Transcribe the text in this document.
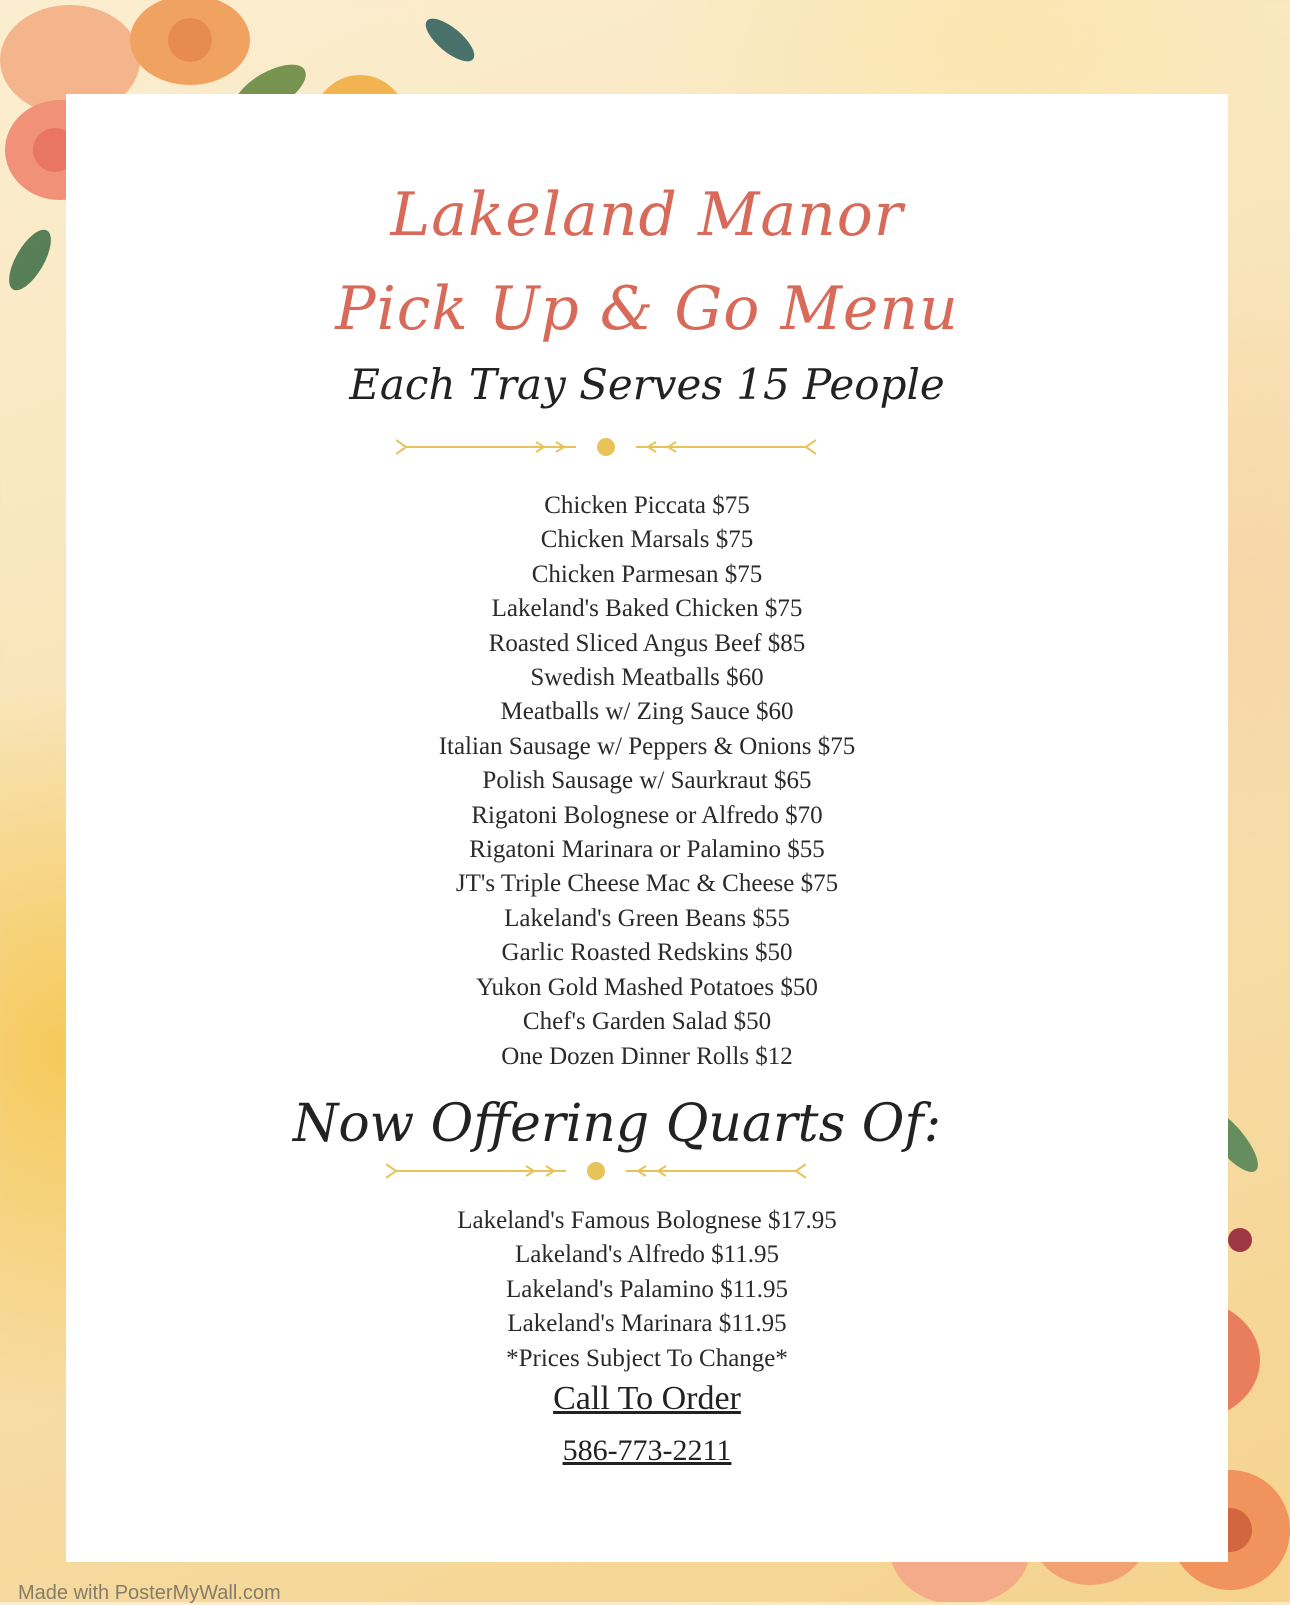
Lakeland Manor
Pick Up & Go Menu
Each Tray Serves 15 People
Chicken Piccata $75
Chicken Marsals $75
Chicken Parmesan $75
Lakeland's Baked Chicken $75
Roasted Sliced Angus Beef $85
Swedish Meatballs $60
Meatballs w/ Zing Sauce $60
Italian Sausage w/ Peppers & Onions $75
Polish Sausage w/ Saurkraut $65
Rigatoni Bolognese or Alfredo $70
Rigatoni Marinara or Palamino $55
JT's Triple Cheese Mac & Cheese $75
Lakeland's Green Beans $55
Garlic Roasted Redskins $50
Yukon Gold Mashed Potatoes $50
Chef's Garden Salad $50
One Dozen Dinner Rolls $12
Now Offering Quarts Of:
Lakeland's Famous Bolognese $17.95
Lakeland's Alfredo $11.95
Lakeland's Palamino $11.95
Lakeland's Marinara $11.95
*Prices Subject To Change*
Call To Order
586-773-2211
Made with PosterMyWall.com
